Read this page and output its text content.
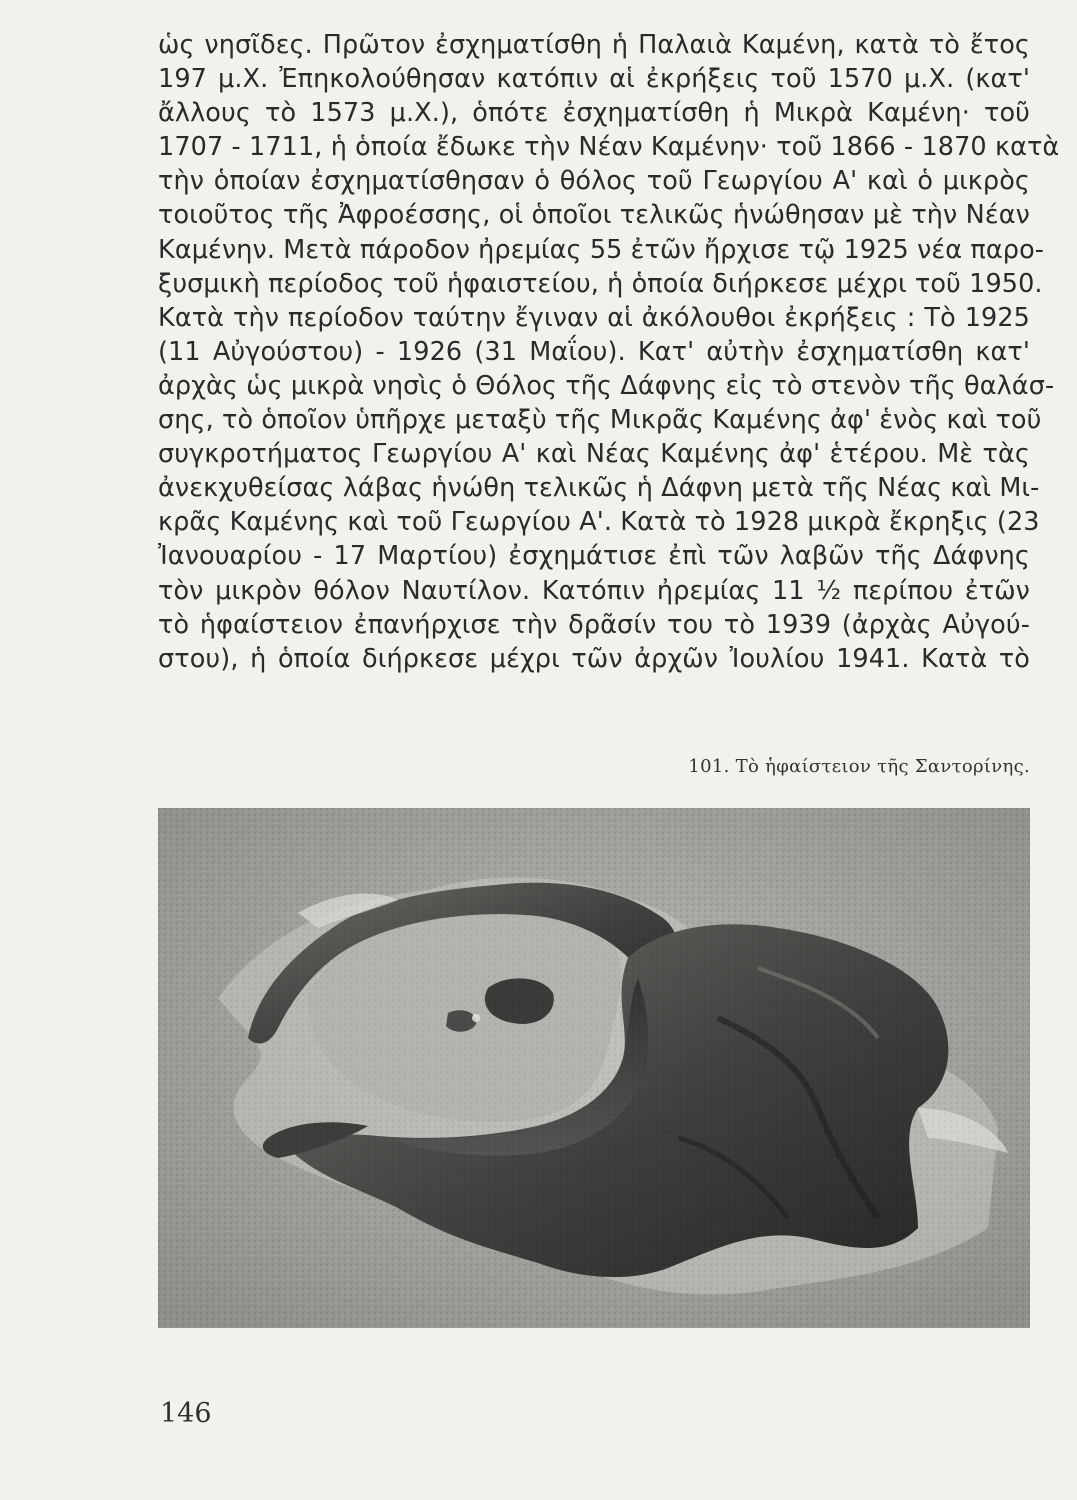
ὡς νησῖδες. Πρῶτον ἐσχηματίσθη ἡ Παλαιὰ Καμένη, κατὰ τὸ ἔτος
197 μ.Χ. Ἐπηκολούθησαν κατόπιν αἱ ἐκρήξεις τοῦ 1570 μ.Χ. (κατ'
ἄλλους τὸ 1573 μ.Χ.), ὁπότε ἐσχηματίσθη ἡ Μικρὰ Καμένη· τοῦ
1707 - 1711, ἡ ὁποία ἔδωκε τὴν Νέαν Καμένην· τοῦ 1866 - 1870 κατὰ
τὴν ὁποίαν ἐσχηματίσθησαν ὁ θόλος τοῦ Γεωργίου Α' καὶ ὁ μικρὸς
τοιοῦτος τῆς Ἀφροέσσης, οἱ ὁποῖοι τελικῶς ἡνώθησαν μὲ τὴν Νέαν
Καμένην. Μετὰ πάροδον ἠρεμίας 55 ἐτῶν ἤρχισε τῷ 1925 νέα παρο-
ξυσμικὴ περίοδος τοῦ ἡφαιστείου, ἡ ὁποία διήρκεσε μέχρι τοῦ 1950.
Κατὰ τὴν περίοδον ταύτην ἔγιναν αἱ ἀκόλουθοι ἐκρήξεις : Τὸ 1925
(11 Αὐγούστου) - 1926 (31 Μαΐου). Κατ' αὐτὴν ἐσχηματίσθη κατ'
ἀρχὰς ὡς μικρὰ νησὶς ὁ Θόλος τῆς Δάφνης εἰς τὸ στενὸν τῆς θαλάσ-
σης, τὸ ὁποῖον ὑπῆρχε μεταξὺ τῆς Μικρᾶς Καμένης ἀφ' ἑνὸς καὶ τοῦ
συγκροτήματος Γεωργίου Α' καὶ Νέας Καμένης ἀφ' ἑτέρου. Μὲ τὰς
ἀνεκχυθείσας λάβας ἡνώθη τελικῶς ἡ Δάφνη μετὰ τῆς Νέας καὶ Μι-
κρᾶς Καμένης καὶ τοῦ Γεωργίου Α'. Κατὰ τὸ 1928 μικρὰ ἔκρηξις (23
Ἰανουαρίου - 17 Μαρτίου) ἐσχημάτισε ἐπὶ τῶν λαβῶν τῆς Δάφνης
τὸν μικρὸν θόλον Ναυτίλον. Κατόπιν ἠρεμίας 11 ½ περίπου ἐτῶν
τὸ ἡφαίστειον ἐπανήρχισε τὴν δρᾶσίν του τὸ 1939 (ἀρχὰς Αὐγού-
στου), ἡ ὁποία διήρκεσε μέχρι τῶν ἀρχῶν Ἰουλίου 1941. Κατὰ τὸ
101. Τὸ ἡφαίστειον τῆς Σαντορίνης.
146
